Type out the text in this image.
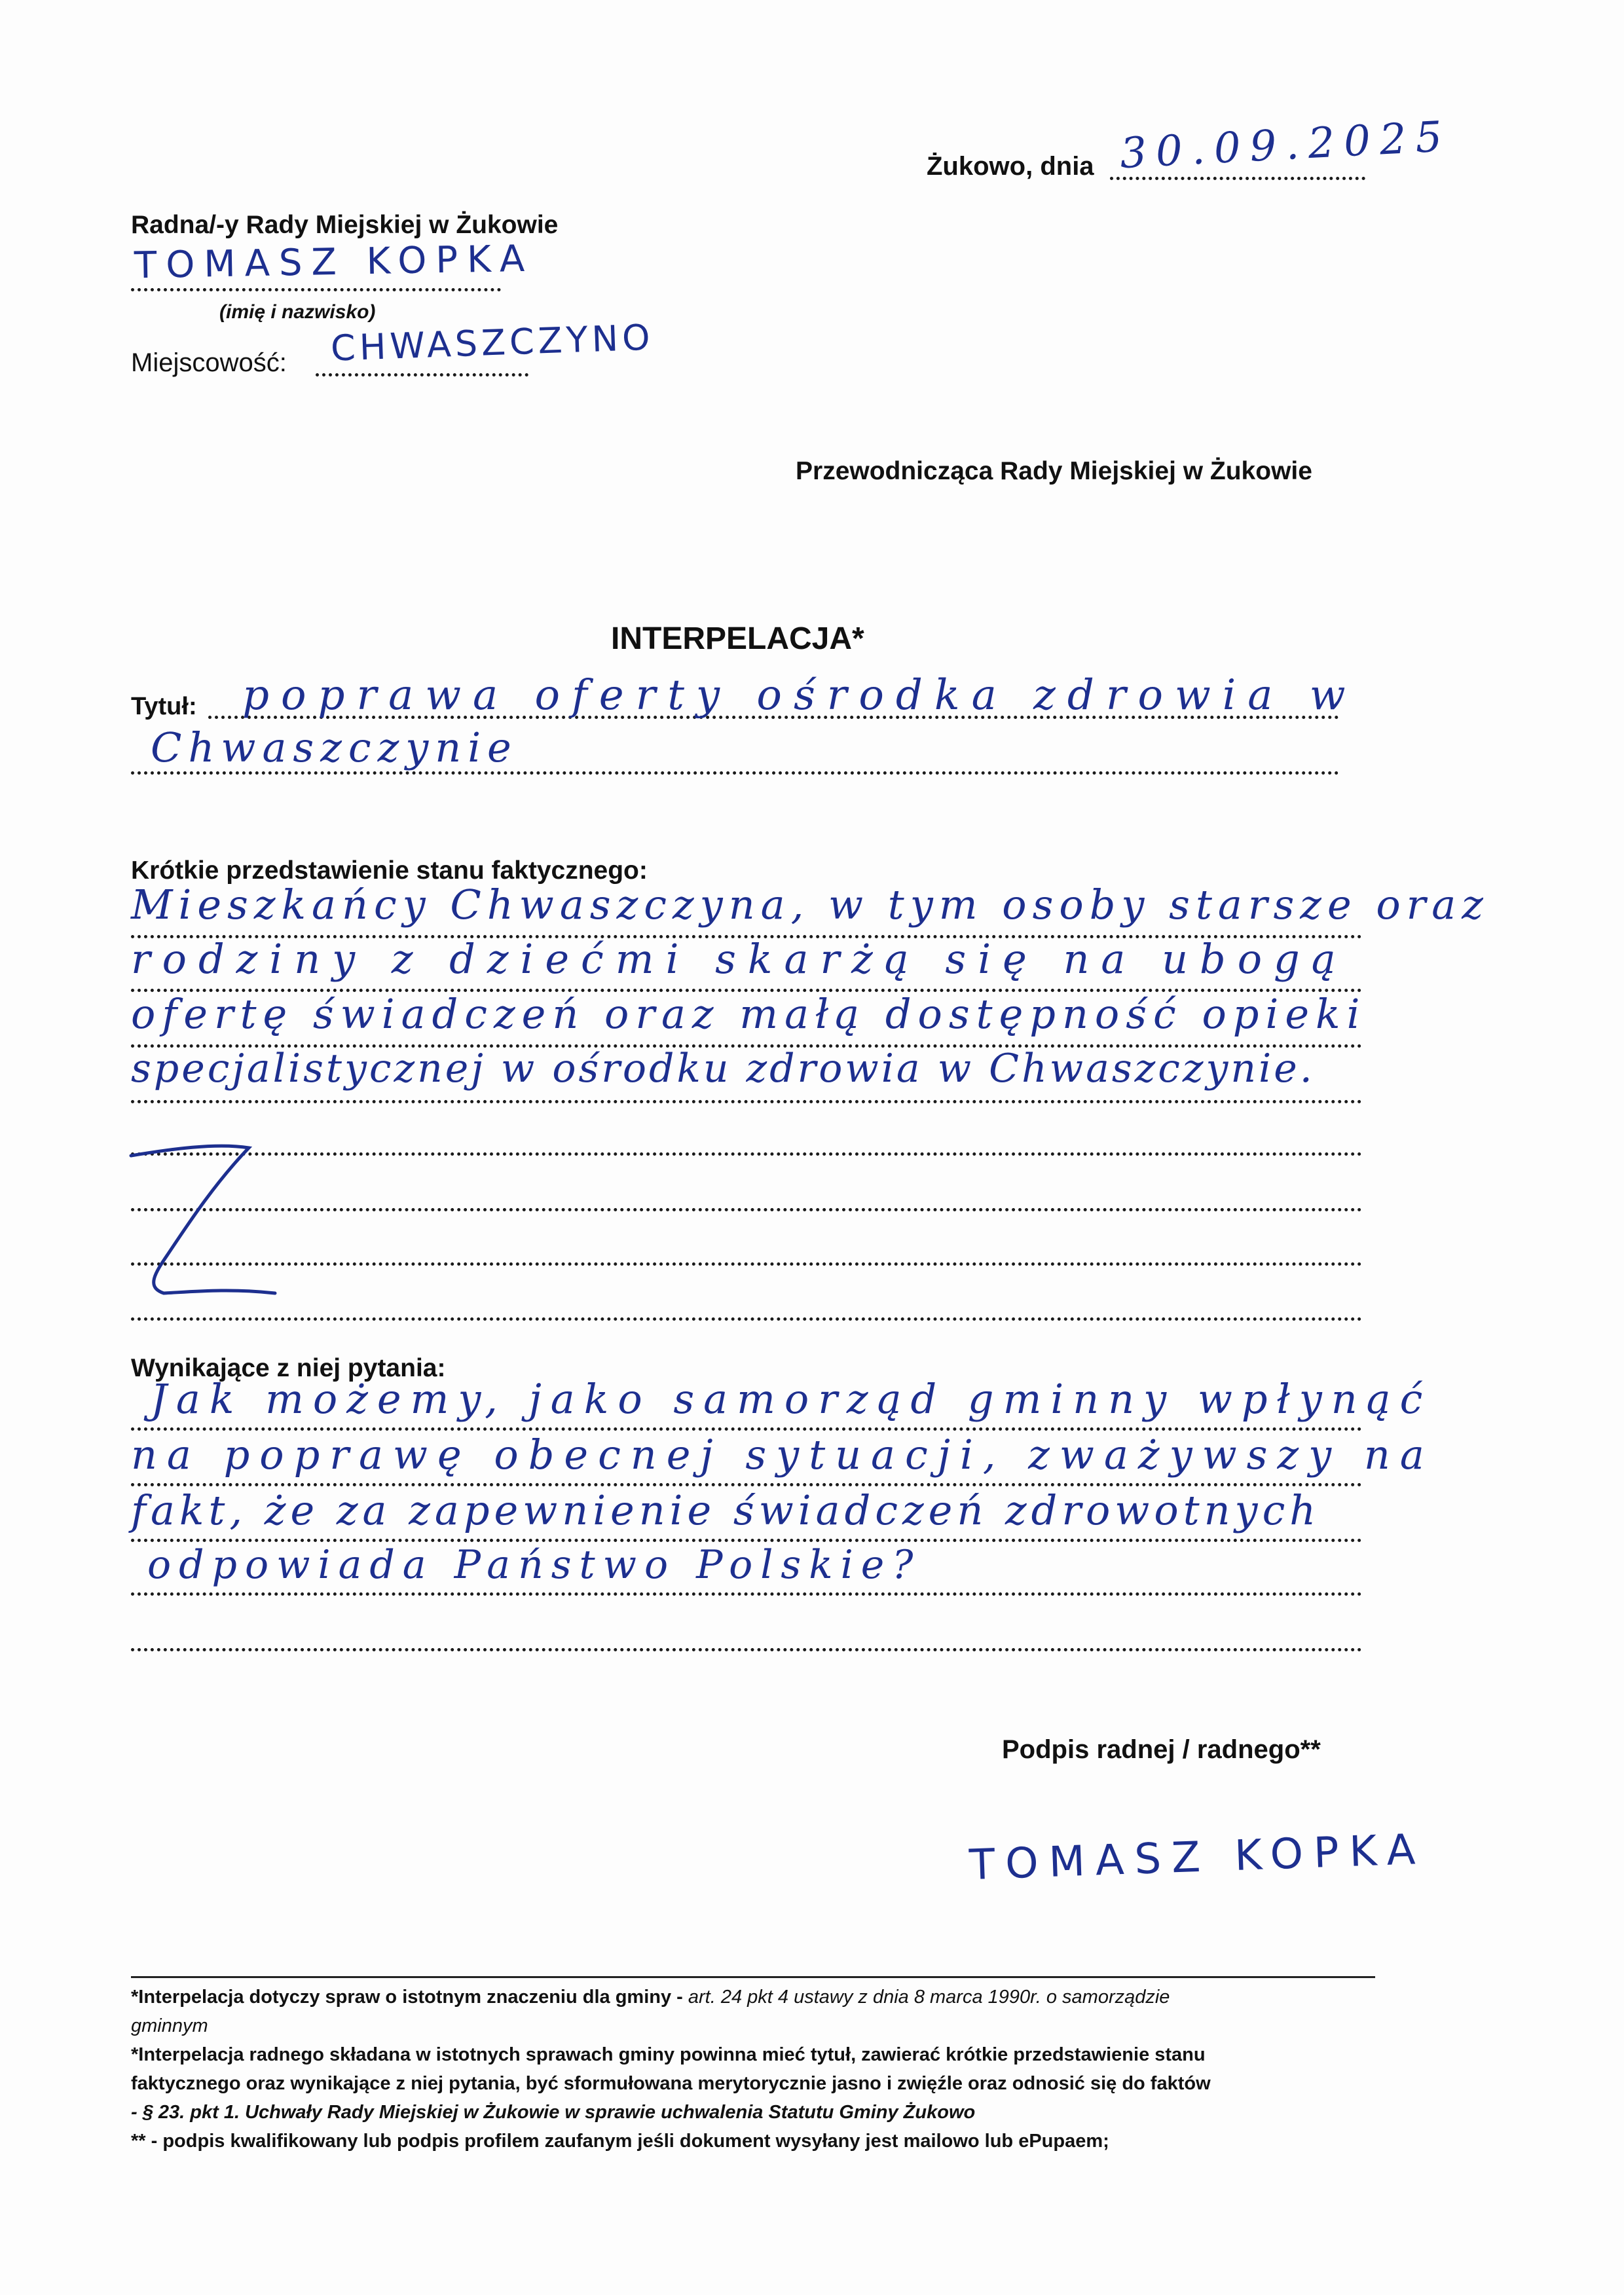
Żukowo, dnia 30.09.2025
Radna/-y Rady Miejskiej w Żukowie
TOMASZ KOPKA
(imię i nazwisko)
Miejscowość: CHWASZCZYNO
Przewodnicząca Rady Miejskiej w Żukowie
INTERPELACJA*
Tytuł: poprawa oferty ośrodka zdrowia w
Chwaszczynie
Krótkie przedstawienie stanu faktycznego:
Mieszkańcy Chwaszczyna, w tym osoby starsze oraz
rodziny z dziećmi skarżą się na ubogą
ofertę świadczeń oraz małą dostępność opieki
specjalistycznej w ośrodku zdrowia w Chwaszczynie.
Wynikające z niej pytania:
Jak możemy, jako samorząd gminny wpłynąć
na poprawę obecnej sytuacji, zważywszy na
fakt, że za zapewnienie świadczeń zdrowotnych
odpowiada Państwo Polskie?
Podpis radnej / radnego**
TOMASZ KOPKA

*Interpelacja dotyczy spraw o istotnym znaczeniu dla gminy - art. 24 pkt 4 ustawy z dnia 8 marca 1990r. o samorządzie

gminnym

*Interpelacja radnego składana w istotnych sprawach gminy powinna mieć tytuł, zawierać krótkie przedstawienie stanu

faktycznego oraz wynikające z niej pytania, być sformułowana merytorycznie jasno i zwięźle oraz odnosić się do faktów

- § 23. pkt 1. Uchwały Rady Miejskiej w Żukowie w sprawie uchwalenia Statutu Gminy Żukowo

** - podpis kwalifikowany lub podpis profilem zaufanym jeśli dokument wysyłany jest mailowo lub ePupaem;
